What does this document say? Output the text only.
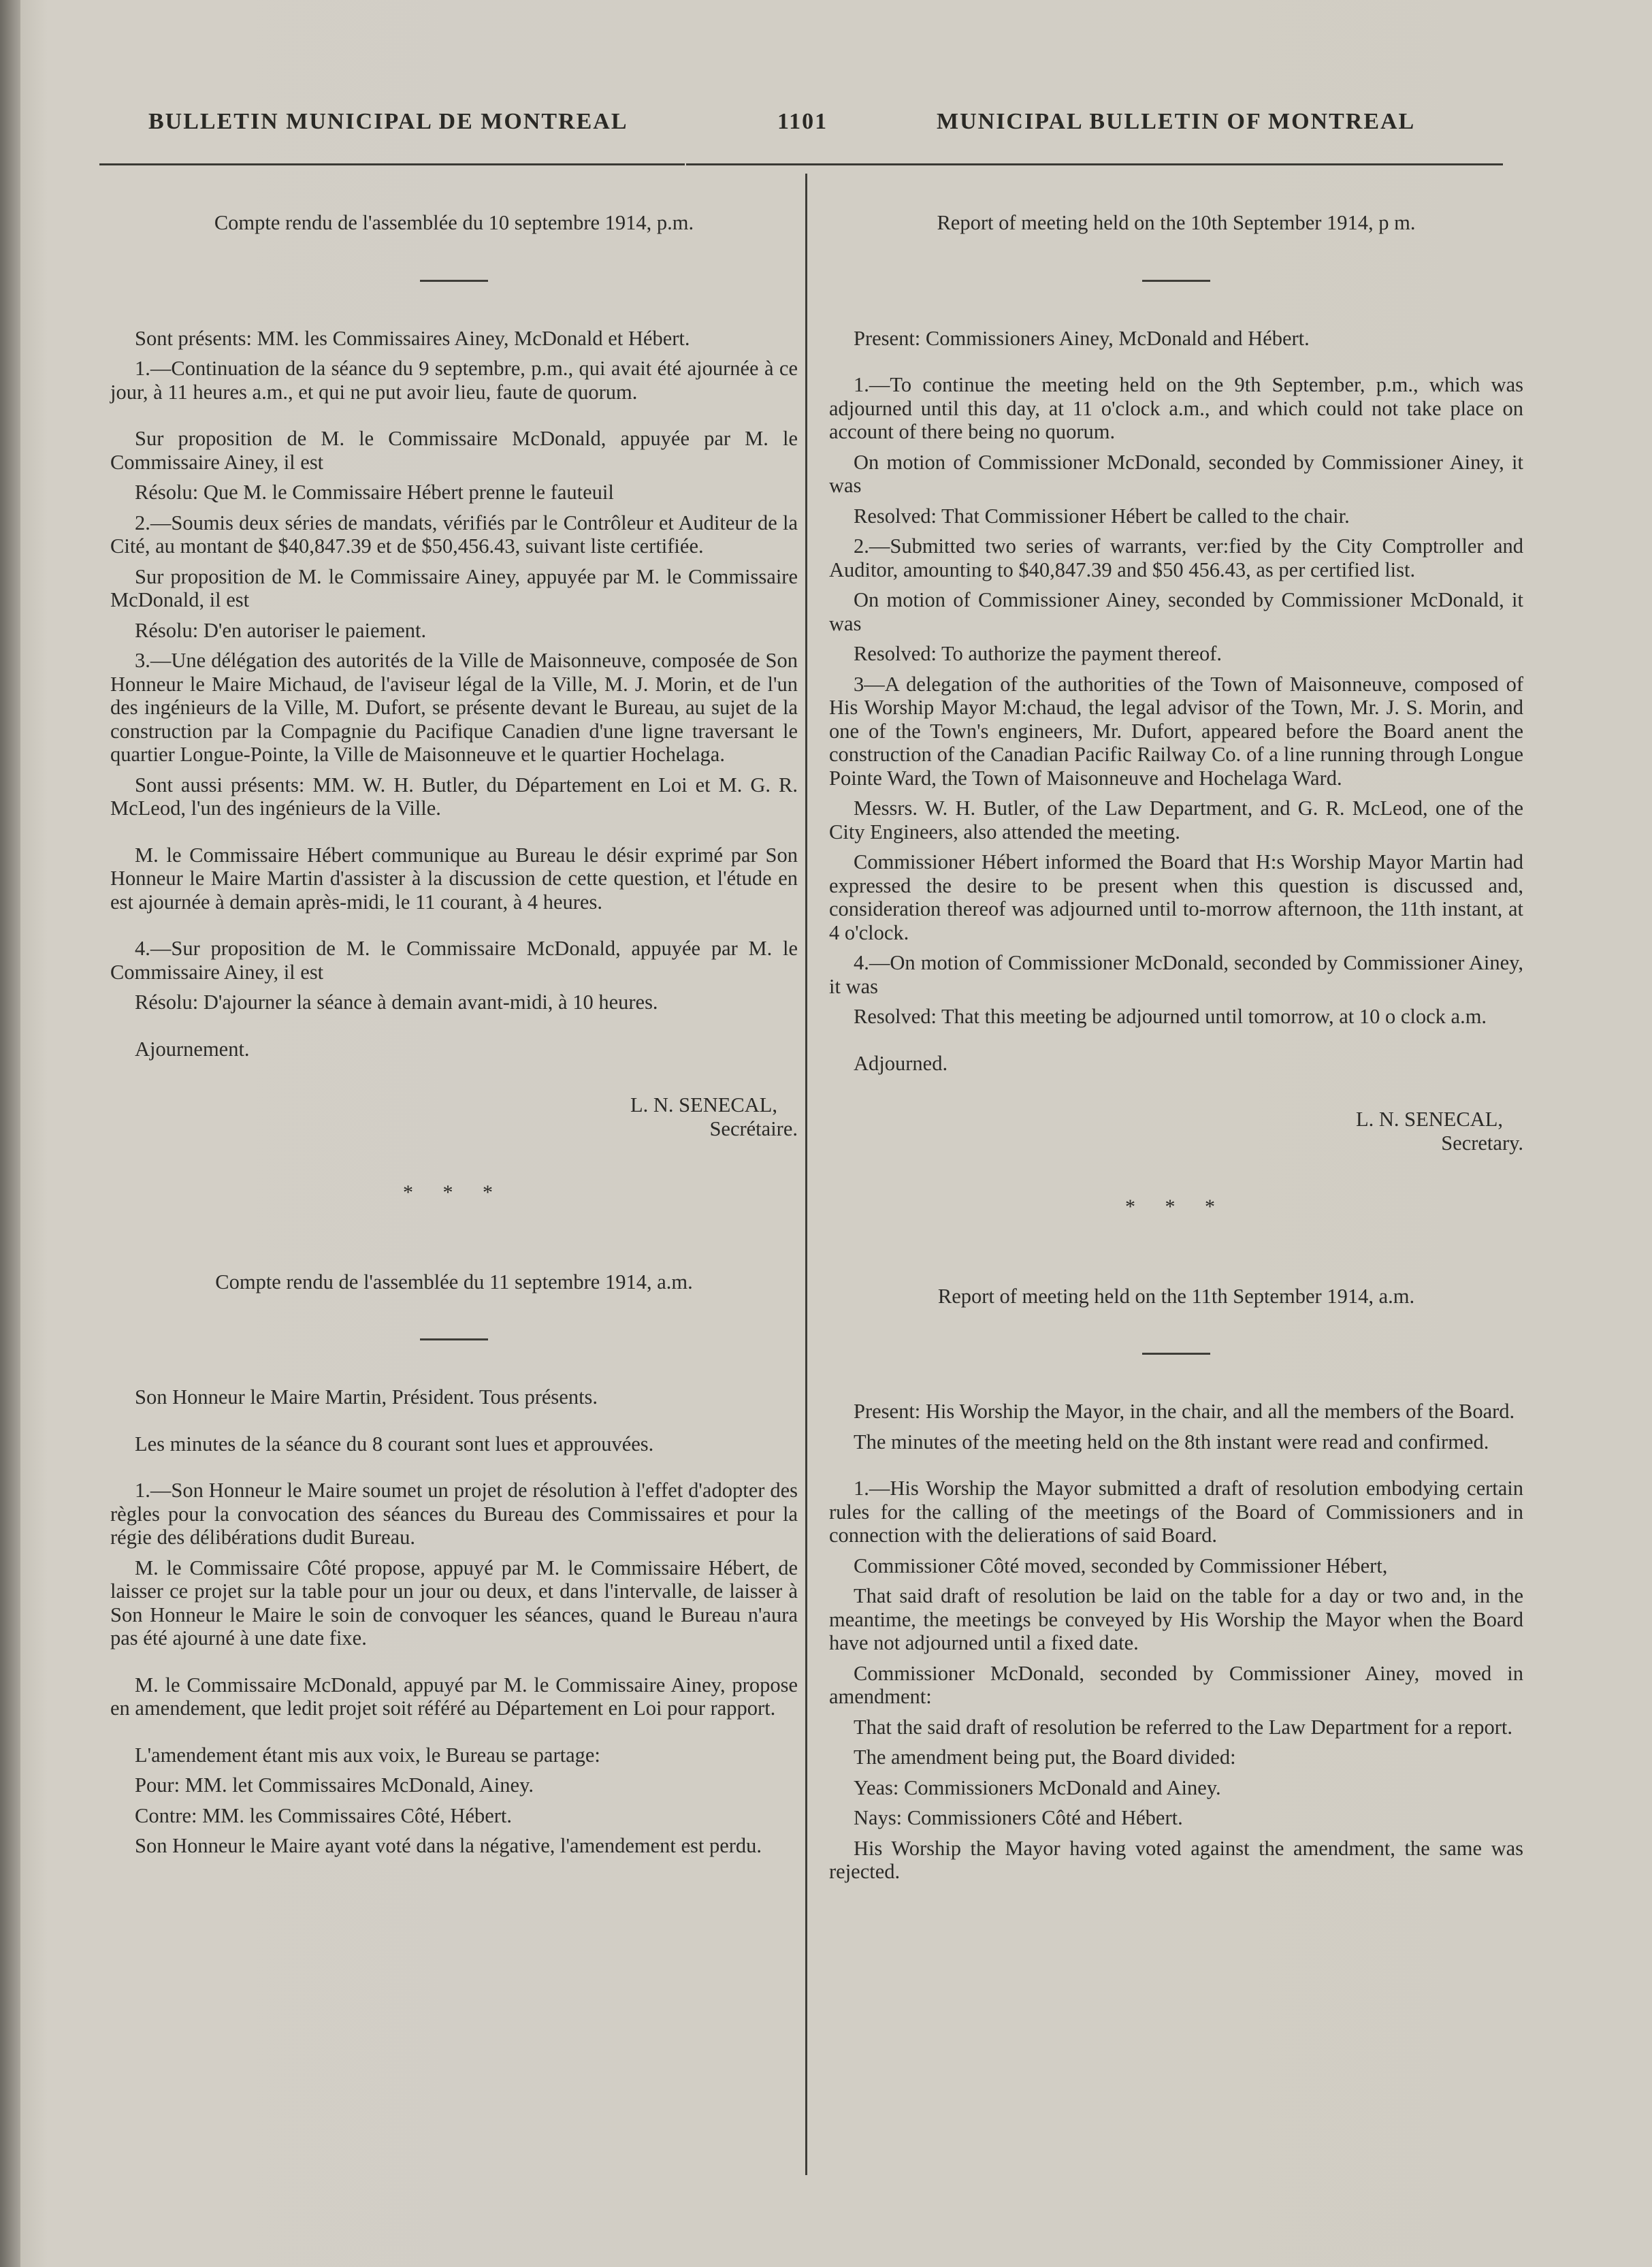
BULLETIN MUNICIPAL DE MONTREAL	1101	MUNICIPAL BULLETIN OF MONTREAL

Compte rendu de l'assemblée du 10 septembre 1914, p.m.

Sont présents: MM. les Commissaires Ainey, McDonald et Hébert.

1.—Continuation de la séance du 9 septembre, p.m., qui avait été ajournée à ce jour, à 11 heures a.m., et qui ne put avoir lieu, faute de quorum.

Sur proposition de M. le Commissaire McDonald, appuyée par M. le Commissaire Ainey, il est

Résolu: Que M. le Commissaire Hébert prenne le fauteuil

2.—Soumis deux séries de mandats, vérifiés par le Contrôleur et Auditeur de la Cité, au montant de $40,847.39 et de $50,456.43, suivant liste certifiée.

Sur proposition de M. le Commissaire Ainey, appuyée par M. le Commissaire McDonald, il est

Résolu: D'en autoriser le paiement.

3.—Une délégation des autorités de la Ville de Maisonneuve, composée de Son Honneur le Maire Michaud, de l'aviseur légal de la Ville, M. J. Morin, et de l'un des ingénieurs de la Ville, M. Dufort, se présente devant le Bureau, au sujet de la construction par la Compagnie du Pacifique Canadien d'une ligne traversant le quartier Longue-Pointe, la Ville de Maisonneuve et le quartier Hochelaga.

Sont aussi présents: MM. W. H. Butler, du Département en Loi et M. G. R. McLeod, l'un des ingénieurs de la Ville.

M. le Commissaire Hébert communique au Bureau le désir exprimé par Son Honneur le Maire Martin d'assister à la discussion de cette question, et l'étude en est ajournée à demain après-midi, le 11 courant, à 4 heures.

4.—Sur proposition de M. le Commissaire McDonald, appuyée par M. le Commissaire Ainey, il est

Résolu: D'ajourner la séance à demain avant-midi, à 10 heures.

Ajournement.

L. N. SENECAL,

Secrétaire.

* * *

Compte rendu de l'assemblée du 11 septembre 1914, a.m.

Son Honneur le Maire Martin, Président. Tous présents.

Les minutes de la séance du 8 courant sont lues et approuvées.

1.—Son Honneur le Maire soumet un projet de résolution à l'effet d'adopter des règles pour la convocation des séances du Bureau des Commissaires et pour la régie des délibérations dudit Bureau.

M. le Commissaire Côté propose, appuyé par M. le Commissaire Hébert, de laisser ce projet sur la table pour un jour ou deux, et dans l'intervalle, de laisser à Son Honneur le Maire le soin de convoquer les séances, quand le Bureau n'aura pas été ajourné à une date fixe.

M. le Commissaire McDonald, appuyé par M. le Commissaire Ainey, propose en amendement, que ledit projet soit référé au Département en Loi pour rapport.

L'amendement étant mis aux voix, le Bureau se partage:

Pour: MM. let Commissaires McDonald, Ainey.

Contre: MM. les Commissaires Côté, Hébert.

Son Honneur le Maire ayant voté dans la négative, l'amendement est perdu.

Report of meeting held on the 10th September 1914, p m.

Present: Commissioners Ainey, McDonald and Hébert.

1.—To continue the meeting held on the 9th September, p.m., which was adjourned until this day, at 11 o'clock a.m., and which could not take place on account of there being no quorum.

On motion of Commissioner McDonald, seconded by Commissioner Ainey, it was

Resolved: That Commissioner Hébert be called to the chair.

2.—Submitted two series of warrants, ver:fied by the City Comptroller and Auditor, amounting to $40,847.39 and $50 456.43, as per certified list.

On motion of Commissioner Ainey, seconded by Commissioner McDonald, it was

Resolved: To authorize the payment thereof.

3—A delegation of the authorities of the Town of Maisonneuve, composed of His Worship Mayor M:chaud, the legal advisor of the Town, Mr. J. S. Morin, and one of the Town's engineers, Mr. Dufort, appeared before the Board anent the construction of the Canadian Pacific Railway Co. of a line running through Longue Pointe Ward, the Town of Maisonneuve and Hochelaga Ward.

Messrs. W. H. Butler, of the Law Department, and G. R. McLeod, one of the City Engineers, also attended the meeting.

Commissioner Hébert informed the Board that H:s Worship Mayor Martin had expressed the desire to be present when this question is discussed and, consideration thereof was adjourned until to-morrow afternoon, the 11th instant, at 4 o'clock.

4.—On motion of Commissioner McDonald, seconded by Commissioner Ainey, it was

Resolved: That this meeting be adjourned until tomorrow, at 10 o clock a.m.

Adjourned.

L. N. SENECAL,

Secretary.

* * *

Report of meeting held on the 11th September 1914, a.m.

Present: His Worship the Mayor, in the chair, and all the members of the Board.

The minutes of the meeting held on the 8th instant were read and confirmed.

1.—His Worship the Mayor submitted a draft of resolution embodying certain rules for the calling of the meetings of the Board of Commissioners and in connection with the delierations of said Board.

Commissioner Côté moved, seconded by Commissioner Hébert,

That said draft of resolution be laid on the table for a day or two and, in the meantime, the meetings be conveyed by His Worship the Mayor when the Board have not adjourned until a fixed date.

Commissioner McDonald, seconded by Commissioner Ainey, moved in amendment:

That the said draft of resolution be referred to the Law Department for a report.

The amendment being put, the Board divided:

Yeas: Commissioners McDonald and Ainey.

Nays: Commissioners Côté and Hébert.

His Worship the Mayor having voted against the amendment, the same was rejected.
